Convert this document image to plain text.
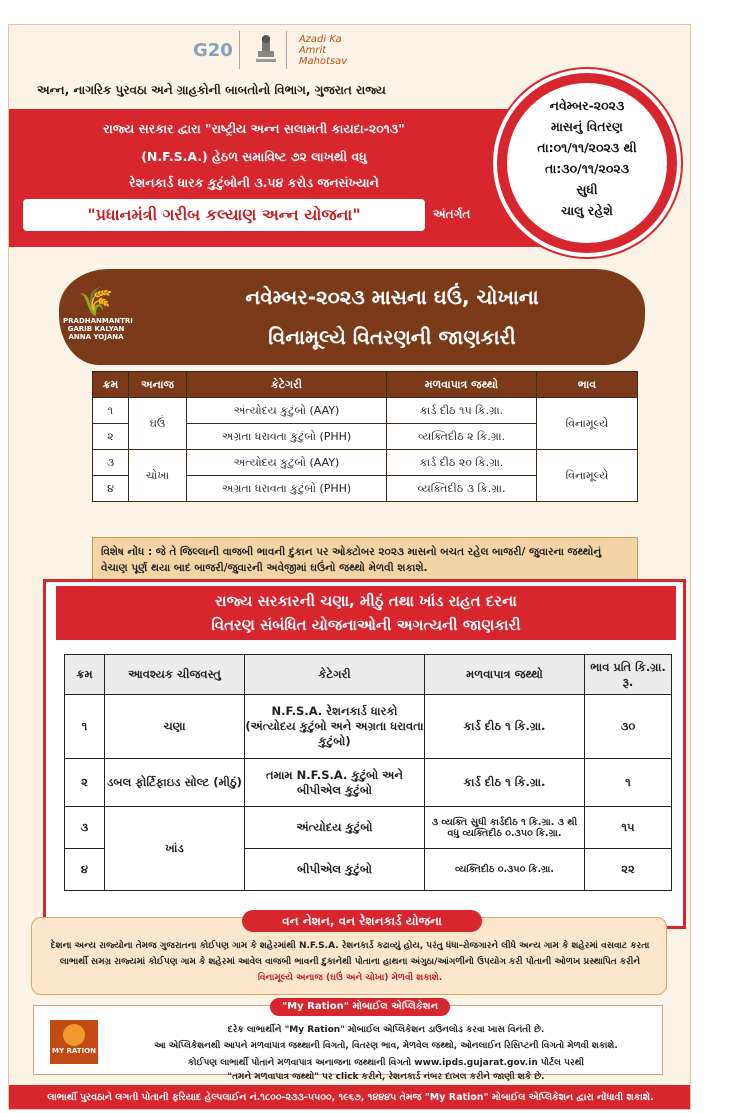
G20
Azadi Ka Amrit Mahotsav
અન્ન, નાગરિક પુરવઠા અને ગ્રાહકોની બાબતોનો વિભાગ, ગુજરાત રાજ્ય
રાજ્ય સરકાર દ્વારા "રાષ્ટ્રીય અન્ન સલામતી કાયદા-૨૦૧૩"
(N.F.S.A.) હેઠળ સમાવિષ્ટ ૭૨ લાખથી વધુ
રેશનકાર્ડ ધારક કુટુંબોની ૩.૫૪ કરોડ જનસંખ્યાને
"પ્રધાનમંત્રી ગરીબ કલ્યાણ અન્ન યોજના"	અંતર્ગત
નવેમ્બર-૨૦૨૩
માસનું વિતરણ
તા:૦૧/૧૧/૨૦૨૩ થી
તા:૩૦/૧૧/૨૦૨૩
સુધી
ચાલુ રહેશે
નવેમ્બર-૨૦૨૩ માસના ઘઉં, ચોખાના
વિનામૂલ્યે વિતરણની જાણકારી
🌾
PRADHANMANTRI GARIB KALYAN ANNA YOJANA
ક્રમ	અનાજ	કેટેગરી	મળવાપાત્ર જથ્થો	ભાવ
૧	ઘઉં	અંત્યોદય કુટુંબો (AAY)	કાર્ડ દીઠ ૧૫ કિ.ગ્રા.	વિનામૂલ્યે
૨		અગ્રતા ધરાવતા કુટુંબો (PHH)	વ્યક્તિદીઠ ૨ કિ.ગ્રા.	
૩	ચોખા	અંત્યોદય કુટુંબો (AAY)	કાર્ડ દીઠ ૨૦ કિ.ગ્રા.	વિનામૂલ્યે
૪		અગ્રતા ધરાવતા કુટુંબો (PHH)	વ્યક્તિદીઠ ૩ કિ.ગ્રા.	
વિશેષ નોંધ : જે તે જિલ્લાની વાજબી ભાવની દુકાન પર ઓક્ટોબર ૨૦૨૩ માસનો બચત રહેલ બાજરી/ જુવારના જથ્થોનું વેચાણ પૂર્ણ થયા બાદ બાજરી/જુવારની અવેજીમાં ઘઉંનો જથ્થો મેળવી શકાશે.
રાજ્ય સરકારની ચણા, મીઠું તથા ખાંડ રાહત દરના
વિતરણ સંબંધિત યોજનાઓની અગત્યની જાણકારી
ક્રમ	આવશ્યક ચીજવસ્તુ	કેટેગરી	મળવાપાત્ર જથ્થો	ભાવ પ્રતિ કિ.ગ્રા. રૂ.
૧	ચણા	N.F.S.A. રેશનકાર્ડ ધારકો (અંત્યોદય કુટુંબો અને અગ્રતા ધરાવતા કુટુંબો)	કાર્ડ દીઠ ૧ કિ.ગ્રા.	૩૦
૨	ડબલ ફોર્ટિફાઇડ સોલ્ટ (મીઠું)	તમામ N.F.S.A. કુટુંબો અને બીપીએલ કુટુંબો	કાર્ડ દીઠ ૧ કિ.ગ્રા.	૧
૩	ખાંડ	અંત્યોદય કુટુંબો	૩ વ્યક્તિ સુધી કાર્ડદીઠ ૧ કિ.ગ્રા. ૩ થી વધુ વ્યક્તિદીઠ ૦.૩૫૦ કિ.ગ્રા.	૧૫
૪		બીપીએલ કુટુંબો	વ્યક્તિદીઠ ૦.૩૫૦ કિ.ગ્રા.	૨૨
વન નેશન, વન રેશનકાર્ડ યોજના
દેશના અન્ય રાજ્યોના તેમજ ગુજરાતના કોઈપણ ગામ કે શહેરમાંથી N.F.S.A. રેશનકાર્ડ કઢાવ્યું હોય, પરંતુ ધંધા-રોજગારને લીધે અન્ય ગામ કે શહેરમાં વસવાટ કરતા લાભાર્થી સમગ્ર રાજ્યમાં કોઈપણ ગામ કે શહેરમાં આવેલ વાજબી ભાવની દુકાનેથી પોતાના હાથના અંગુઠા/આંગળીનો ઉપયોગ કરી પોતાની ઓળખ પ્રસ્થાપિત કરીને વિનામૂલ્યે અનાજ (ઘઉં અને ચોખા) મેળવી શકાશે.
"My Ration" મોબાઈલ એપ્લિકેશન
MY RATION
દરેક લાભાર્થીને "My Ration" મોબાઈલ એપ્લિકેશન ડાઉનલોડ કરવા ખાસ વિનંતી છે.
આ એપ્લિકેશનથી આપને મળવાપાત્ર જથ્થાની વિગતો, વિતરણ ભાવ, મેળવેલ જથ્થો, ઓનલાઈન રિસિપ્ટની વિગતો મેળવી શકાશે.
કોઈપણ લાભાર્થી પોતાને મળવાપાત્ર અનાજના જથ્થાની વિગતો www.ipds.gujarat.gov.in પોર્ટલ પરથી
"તમને મળવાપાત્ર જથ્થો" પર click કરીને, રેશનકાર્ડ નંબર દાખલ કરીને જાણી શકે છે.
લાભાર્થી પુરવઠાને લગતી પોતાની ફરિયાદ હેલ્પલાઈન નં.૧૮૦૦-૨૩૩-૫૫૦૦, ૧૯૬૭, ૧૪૪૪૫ તેમજ "My Ration" મોબાઈલ એપ્લિકેશન દ્વારા નોંધાવી શકાશે.
